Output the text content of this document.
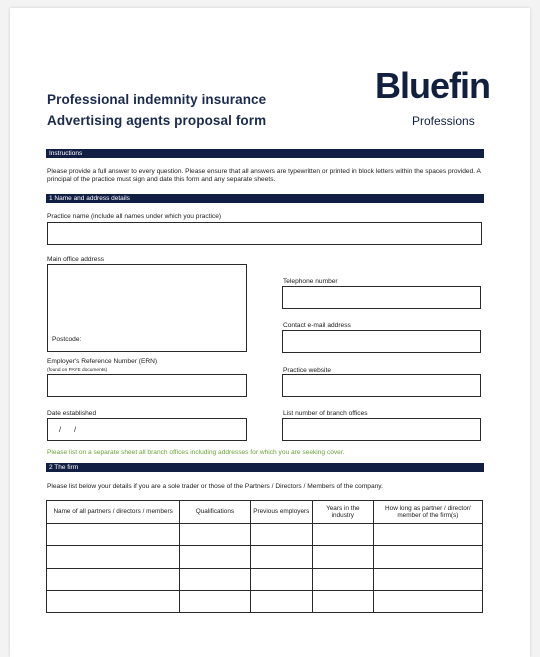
Professional indemnity insurance
Advertising agents proposal form
Bluefin
Professions
Instructions
Please provide a full answer to every question. Please ensure that all answers are typewritten or printed in block letters within the spaces provided. A principal of the practice must sign and date this form and any separate sheets.
1 Name and address details
Practice name (include all names under which you practice)
Main office address
Postcode:
Telephone number
Contact e-mail address
Employer's Reference Number (ERN)
(found on PAYE documents)	Practice website
Date established
/ /
List number of branch offices
Please list on a separate sheet all branch offices including addresses for which you are seeking cover.
2 The firm
Please list below your details if you are a sole trader or those of the Partners / Directors / Members of the company.
Name of all partners / directors / members	Qualifications	Previous employers	Years in the industry	How long as partner / director/ member of the firm(s)
